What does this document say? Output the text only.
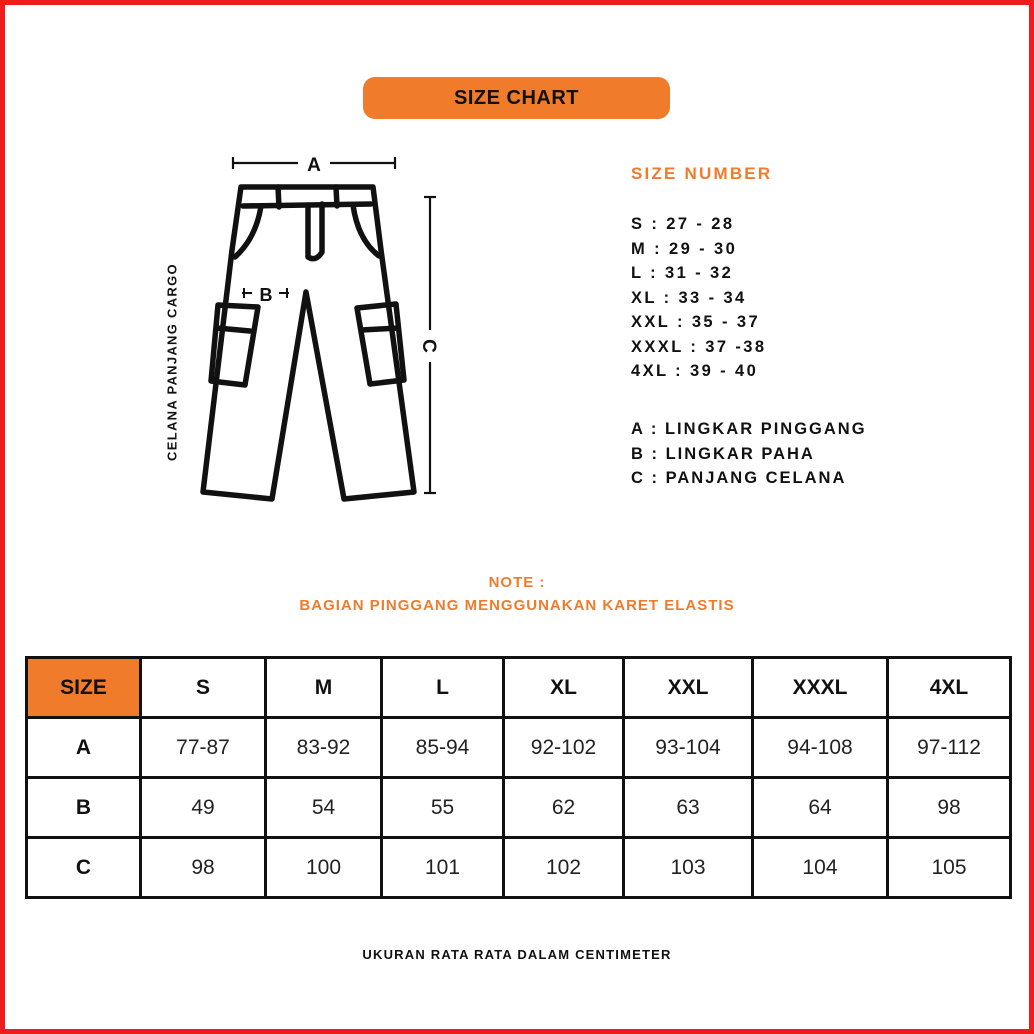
SIZE CHART
A
B
C
CELANA PANJANG CARGO
SIZE NUMBER
S : 27 - 28
M : 29 - 30
L : 31 - 32
XL : 33 - 34
XXL : 35 - 37
XXXL : 37 -38
4XL : 39 - 40
A : LINGKAR PINGGANG
B : LINGKAR PAHA
C : PANJANG CELANA
NOTE :
BAGIAN PINGGANG MENGGUNAKAN KARET ELASTIS
SIZE	S	M	L	XL	XXL	XXXL	4XL
A	77-87	83-92	85-94	92-102	93-104	94-108	97-112
B	49	54	55	62	63	64	98
C	98	100	101	102	103	104	105
UKURAN RATA RATA DALAM CENTIMETER
